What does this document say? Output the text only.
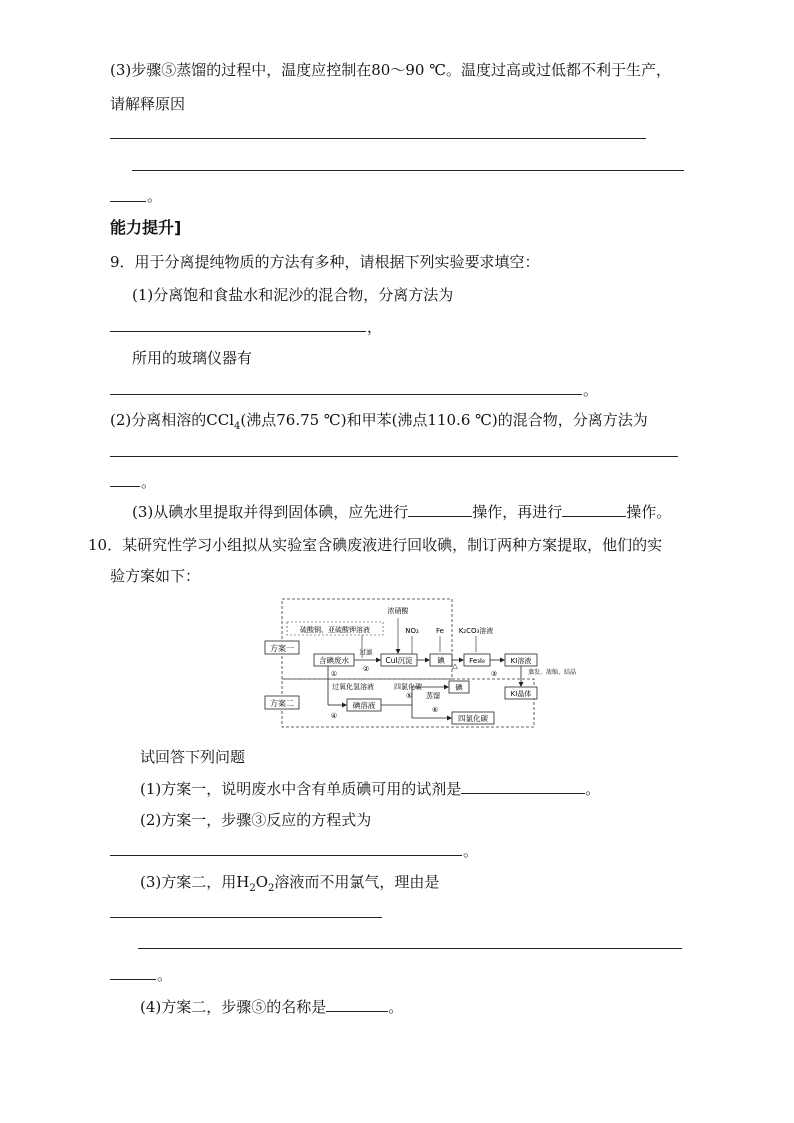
(3)步骤⑤蒸馏的过程中，温度应控制在80～90 ℃。温度过高或过低都不利于生产，
请解释原因
。
能力提升]
9．用于分离提纯物质的方法有多种，请根据下列实验要求填空：
(1)分离饱和食盐水和泥沙的混合物，分离方法为
，
所用的玻璃仪器有
。
(2)分离相溶的CCl$_4$(沸点76.75 ℃)和甲苯(沸点110.6 ℃)的混合物，分离方法为
。
(3)从碘水里提取并得到固体碘，应先进行	操作，再进行	操作。
10．某研究性学习小组拟从实验室含碘废液进行回收碘，制订两种方案提取，他们的实
验方案如下：
方案一
方案二
硫酸铜、亚硫酸钾溶液
含碘废水
①
过滤
②
CuI沉淀
浓硝酸
NO₂
碘
Fe
△
Fe₃I₈
K₂CO₃溶液
③
KI溶液
蒸发、浓缩、结晶
KI晶体
过氧化氢溶液
④
碘溶液
四氯化碳
⑤ 蒸馏
碘
⑥
四氯化碳
试回答下列问题
(1)方案一，说明废水中含有单质碘可用的试剂是	。
(2)方案一，步骤③反应的方程式为
。
(3)方案二，用$H_2O_2$溶液而不用氯气，理由是
。
(4)方案二，步骤⑤的名称是	。
